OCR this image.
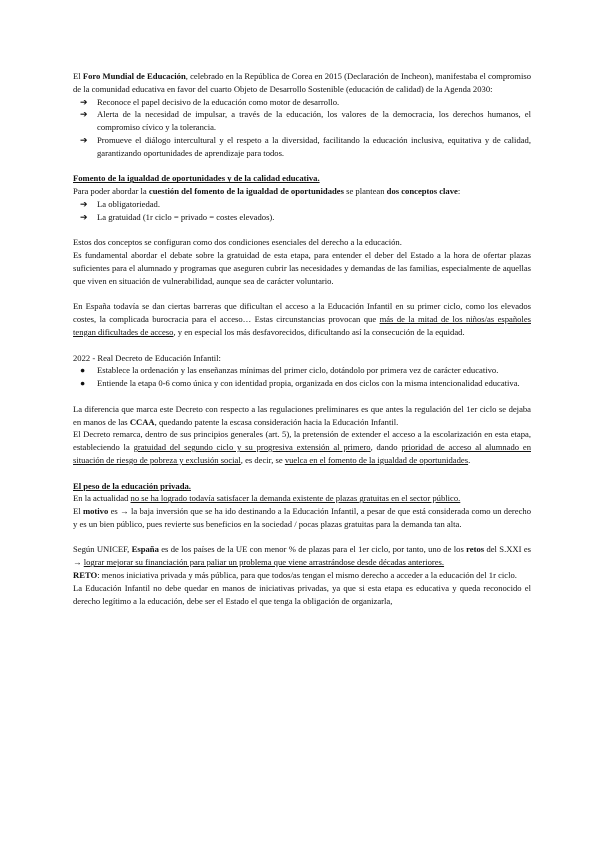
El Foro Mundial de Educación, celebrado en la República de Corea en 2015 (Declaración de Incheon), manifestaba el compromiso de la comunidad educativa en favor del cuarto Objeto de Desarrollo Sostenible (educación de calidad) de la Agenda 2030:

➔ Reconoce el papel decisivo de la educación como motor de desarrollo.
➔ Alerta de la necesidad de impulsar, a través de la educación, los valores de la democracia, los derechos humanos, el compromiso cívico y la tolerancia.
➔ Promueve el diálogo intercultural y el respeto a la diversidad, facilitando la educación inclusiva, equitativa y de calidad, garantizando oportunidades de aprendizaje para todos.

Fomento de la igualdad de oportunidades y de la calidad educativa.

Para poder abordar la cuestión del fomento de la igualdad de oportunidades se plantean dos conceptos clave:

➔ La obligatoriedad.
➔ La gratuidad (1r ciclo = privado = costes elevados).

Estos dos conceptos se configuran como dos condiciones esenciales del derecho a la educación.

Es fundamental abordar el debate sobre la gratuidad de esta etapa, para entender el deber del Estado a la hora de ofertar plazas suficientes para el alumnado y programas que aseguren cubrir las necesidades y demandas de las familias, especialmente de aquellas que viven en situación de vulnerabilidad, aunque sea de carácter voluntario.

En España todavía se dan ciertas barreras que dificultan el acceso a la Educación Infantil en su primer ciclo, como los elevados costes, la complicada burocracia para el acceso… Estas circunstancias provocan que más de la mitad de los niños/as españoles tengan dificultades de acceso, y en especial los más desfavorecidos, dificultando así la consecución de la equidad.

2022 - Real Decreto de Educación Infantil:

● Establece la ordenación y las enseñanzas mínimas del primer ciclo, dotándolo por primera vez de carácter educativo.
● Entiende la etapa 0-6 como única y con identidad propia, organizada en dos ciclos con la misma intencionalidad educativa.

La diferencia que marca este Decreto con respecto a las regulaciones preliminares es que antes la regulación del 1er ciclo se dejaba en manos de las CCAA, quedando patente la escasa consideración hacia la Educación Infantil.

El Decreto remarca, dentro de sus principios generales (art. 5), la pretensión de extender el acceso a la escolarización en esta etapa, estableciendo la gratuidad del segundo ciclo y su progresiva extensión al primero, dando prioridad de acceso al alumnado en situación de riesgo de pobreza y exclusión social, es decir, se vuelca en el fomento de la igualdad de oportunidades.

El peso de la educación privada.

En la actualidad no se ha logrado todavía satisfacer la demanda existente de plazas gratuitas en el sector público.

El motivo es → la baja inversión que se ha ido destinando a la Educación Infantil, a pesar de que está considerada como un derecho y es un bien público, pues revierte sus beneficios en la sociedad / pocas plazas gratuitas para la demanda tan alta.

Según UNICEF, España es de los países de la UE con menor % de plazas para el 1er ciclo, por tanto, uno de los retos del S.XXI es → lograr mejorar su financiación para paliar un problema que viene arrastrándose desde décadas anteriores.

RETO: menos iniciativa privada y más pública, para que todos/as tengan el mismo derecho a acceder a la educación del 1r ciclo.

La Educación Infantil no debe quedar en manos de iniciativas privadas, ya que si esta etapa es educativa y queda reconocido el derecho legítimo a la educación, debe ser el Estado el que tenga la obligación de organizarla,
